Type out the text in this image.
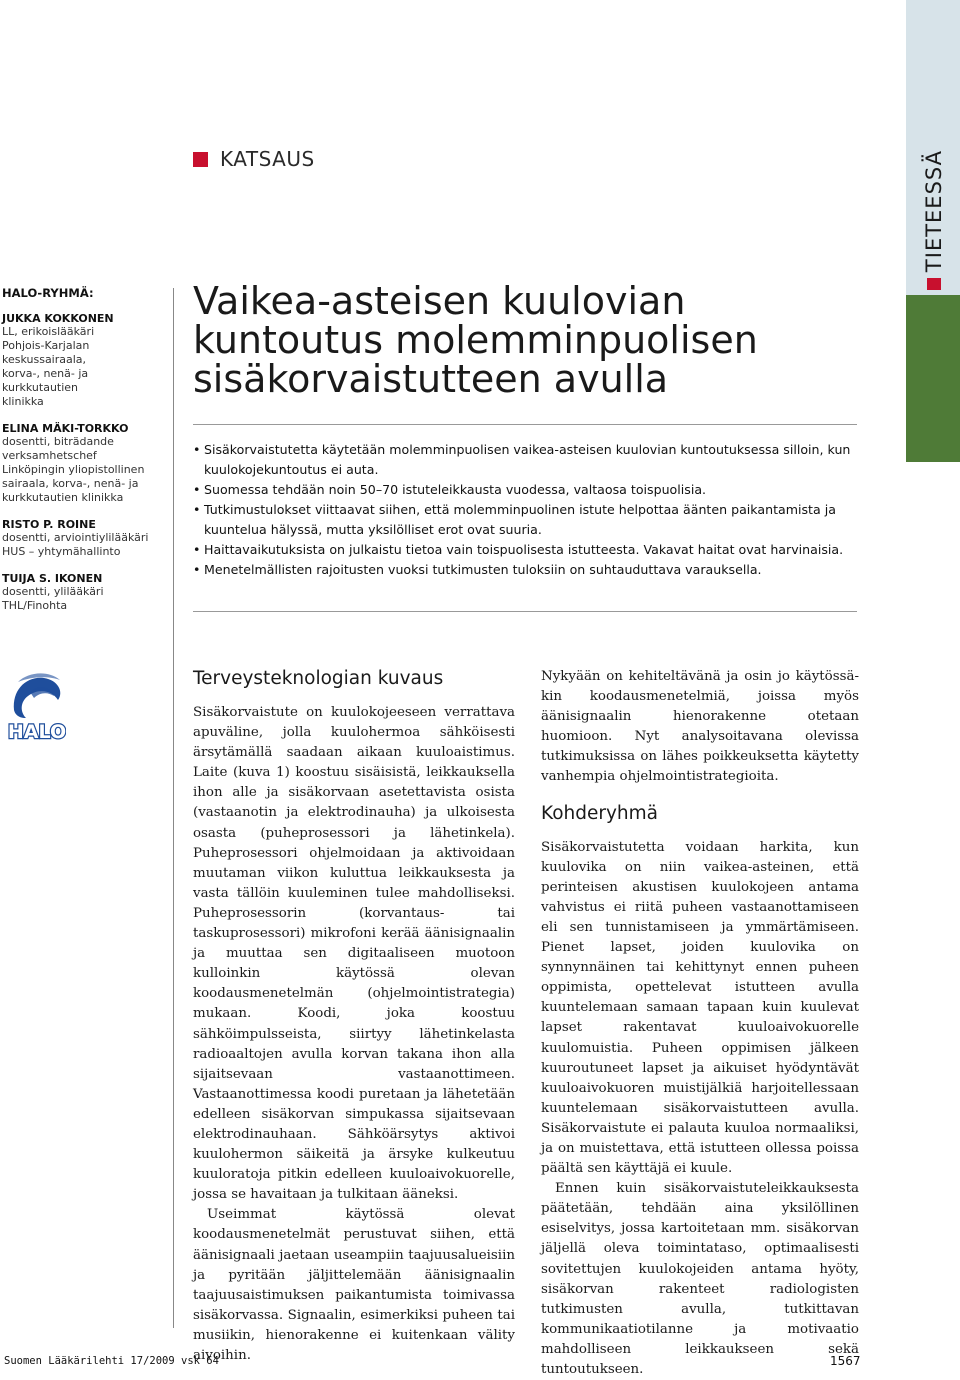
TIETEESSÄ
KATSAUS
HALO-RYHMÄ:
JUKKA KOKKONEN
LL, erikoislääkäri
Pohjois-Karjalan keskussairaala,
korva-, nenä- ja kurkkutautien
klinikka
ELINA MÄKI-TORKKO
dosentti, biträdande
verksamhetschef
Linköpingin yliopistollinen
sairaala, korva-, nenä- ja
kurkkutautien klinikka
RISTO P. ROINE
dosentti, arviointiylilääkäri
HUS – yhtymähallinto
TUIJA S. IKONEN
dosentti, ylilääkäri
THL/Finohta
Vaikea-asteisen kuulovian
kuntoutus molemminpuolisen
sisäkorvaistutteen avulla
• Sisäkorvaistutetta käytetään molemminpuolisen vaikea-asteisen kuulovian kuntoutuksessa silloin, kun kuulokojekuntoutus ei auta.
• Suomessa tehdään noin 50–70 istuteleikkausta vuodessa, valtaosa toispuolisia.
• Tutkimustulokset viittaavat siihen, että molemminpuolinen istute helpottaa äänten paikantamista ja kuuntelua hälyssä, mutta yksilölliset erot ovat suuria.
• Haittavaikutuksista on julkaistu tietoa vain toispuolisesta istutteesta. Vakavat haitat ovat harvinaisia.
• Menetelmällisten rajoitusten vuoksi tutkimusten tuloksiin on suhtauduttava varauksella.
HALO
Terveysteknologian kuvaus

Sisäkorvaistute on kuulokojeeseen verrattava apuväline, jolla kuulohermoa sähköisesti ärsytämällä saadaan aikaan kuuloaistimus. Laite (kuva 1) koostuu sisäisistä, leikkauksella ihon alle ja sisäkorvaan asetettavista osista (vastaanotin ja elektrodinauha) ja ulkoisesta osasta (puheprosessori ja lähetinkela). Puheprosessori ohjelmoidaan ja aktivoidaan muutaman viikon kuluttua leikkauksesta ja vasta tällöin kuuleminen tulee mahdolliseksi. Puheprosessorin (korvantaus- tai taskuprosessori) mikrofoni kerää äänisignaalin ja muuttaa sen digitaaliseen muotoon kulloinkin käytössä olevan koodausmenetelmän (ohjelmointistrategia) mukaan. Koodi, joka koostuu sähköimpulsseista, siirtyy lähetinkelasta radioaaltojen avulla korvan takana ihon alla sijaitsevaan vastaanottimeen. Vastaanottimessa koodi puretaan ja lähetetään edelleen sisäkorvan simpukassa sijaitsevaan elektrodinauhaan. Sähköärsytys aktivoi kuulohermon säikeitä ja ärsyke kulkeutuu kuuloratoja pitkin edelleen kuuloaivokuorelle, jossa se havaitaan ja tulkitaan ääneksi.

Useimmat käytössä olevat koodausmenetelmät perustuvat siihen, että äänisignaali jaetaan useampiin taajuusalueisiin ja pyritään jäljittelemään äänisignaalin taajuusaistimuksen paikantumista toimivassa sisäkorvassa. Signaalin, esimerkiksi puheen tai musiikin, hienorakenne ei kuitenkaan välity aivoihin.

Nykyään on kehiteltävänä ja osin jo käytössäkin koodausmenetelmiä, joissa myös äänisignaalin hienorakenne otetaan huomioon. Nyt analysoitavana olevissa tutkimuksissa on lähes poikkeuksetta käytetty vanhempia ohjelmointistrategioita.

Kohderyhmä

Sisäkorvaistutetta voidaan harkita, kun kuulovika on niin vaikea-asteinen, että perinteisen akustisen kuulokojeen antama vahvistus ei riitä puheen vastaanottamiseen eli sen tunnistamiseen ja ymmärtämiseen. Pienet lapset, joiden kuulovika on synnynnäinen tai kehittynyt ennen puheen oppimista, opettelevat istutteen avulla kuuntelemaan samaan tapaan kuin kuulevat lapset rakentavat kuuloaivokuorelle kuulomuistia. Puheen oppimisen jälkeen kuuroutuneet lapset ja aikuiset hyödyntävät kuuloaivokuoren muistijälkiä harjoitellessaan kuuntelemaan sisäkorvaistutteen avulla. Sisäkorvaistute ei palauta kuuloa normaaliksi, ja on muistettava, että istutteen ollessa poissa päältä sen käyttäjä ei kuule.

Ennen kuin sisäkorvaistuteleikkauksesta päätetään, tehdään aina yksilöllinen esiselvitys, jossa kartoitetaan mm. sisäkorvan jäljellä oleva toimintataso, optimaalisesti sovitettujen kuulokojeiden antama hyöty, sisäkorvan rakenteet radiologisten tutkimusten avulla, tutkittavan kommunikaatiotilanne ja motivaatio mahdolliseen leikkaukseen sekä tuntoutukseen.

Suomen Lääkärilehti 17/2009 vsk 64	1567
